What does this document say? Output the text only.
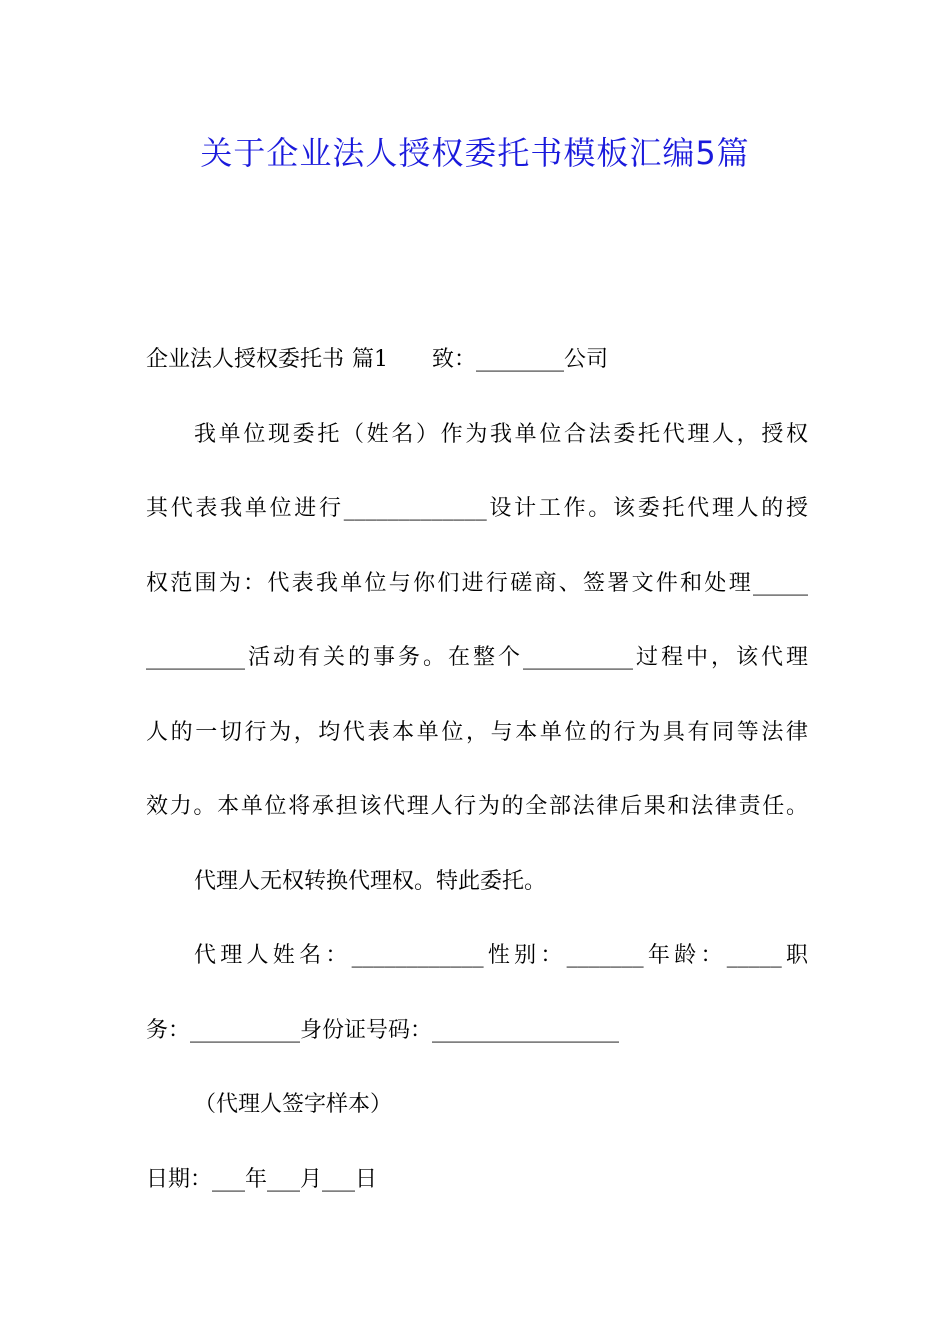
关于企业法人授权委托书模板汇编5篇
企业法人授权委托书 篇1 致：________公司
我单位现委托（姓名）作为我单位合法委托代理人，授权
其代表我单位进行_____________设计工作。该委托代理人的授
权范围为：代表我单位与你们进行磋商、签署文件和处理_____
_________活动有关的事务。在整个__________过程中，该代理
人的一切行为，均代表本单位，与本单位的行为具有同等法律
效力。本单位将承担该代理人行为的全部法律后果和法律责任。
代理人无权转换代理权。特此委托。
代理人姓名：____________性别：_______年龄：_____职
务：__________身份证号码：_________________
（代理人签字样本）
日期：___年___月___日
